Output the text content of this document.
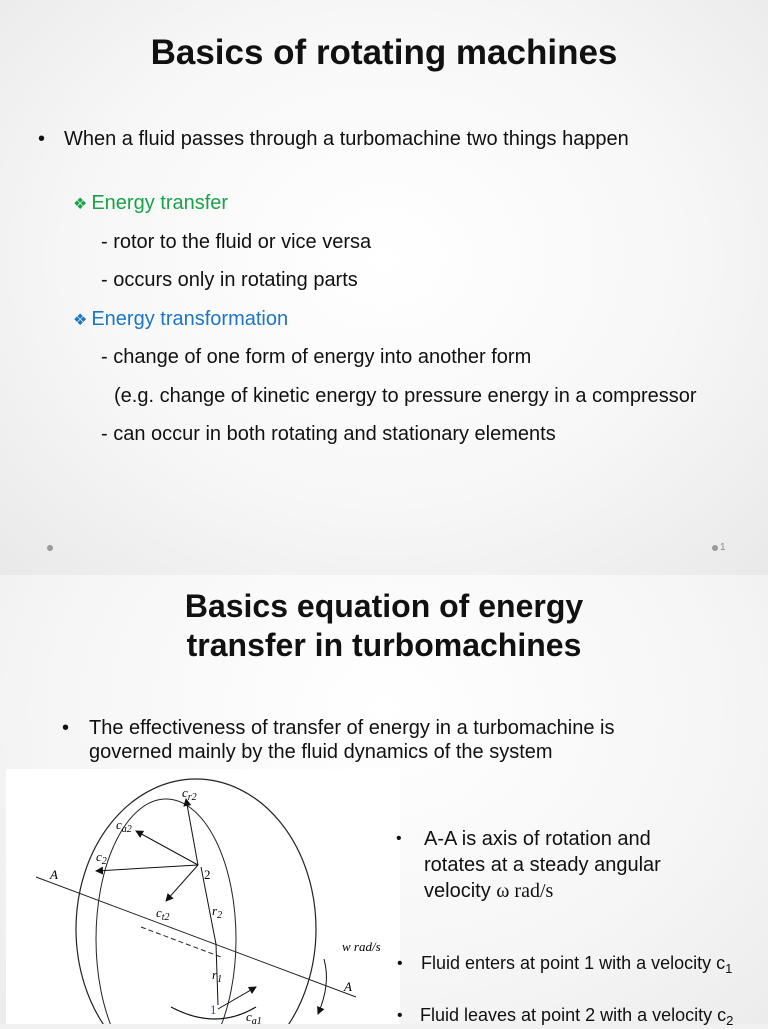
Basics of rotating machines
• When a fluid passes through a turbomachine two things happen
❖ Energy transfer
- rotor to the fluid or vice versa
- occurs only in rotating parts
❖ Energy transformation
- change of one form of energy into another form
(e.g. change of kinetic energy to pressure energy in a compressor
- can occur in both rotating and stationary elements
1
Basics equation of energy
transfer in turbomachines
• The effectiveness of transfer of energy in a turbomachine is
governed mainly by the fluid dynamics of the system
$c_{r2}$
$c_{a2}$
$c_2$
$c_{t2}$
A
A
2
1
$r_2$
$r_1$
$c_{a1}$
w rad/s
• A-A is axis of rotation and
rotates at a steady angular
velocity ω rad/s
• Fluid enters at point 1 with a velocity $c_1$
• Fluid leaves at point 2 with a velocity $c_2$
